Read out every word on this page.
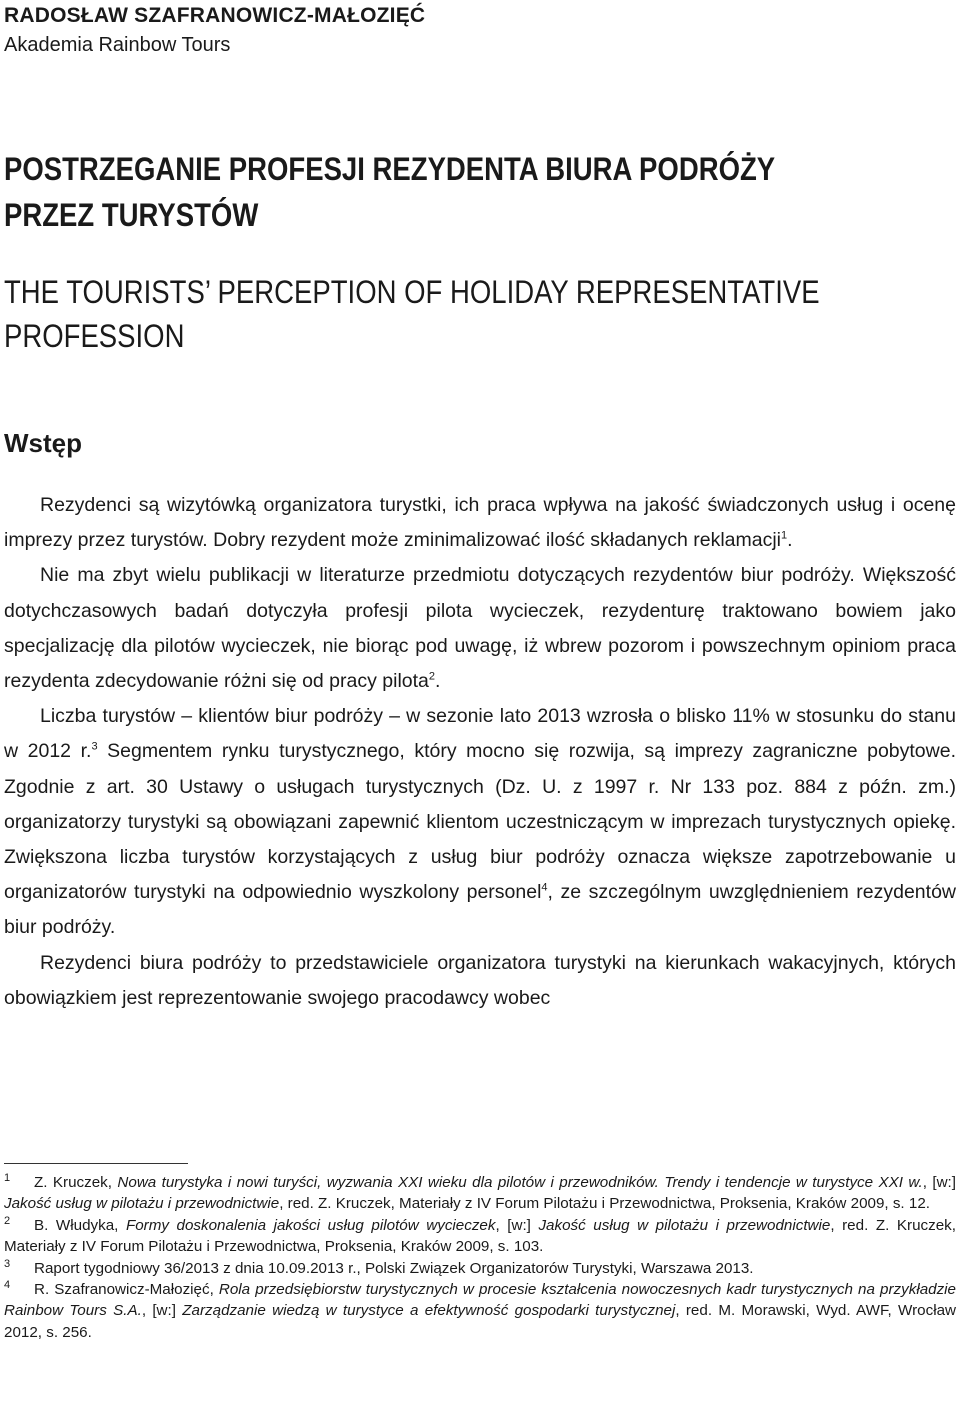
RADOSŁAW SZAFRANOWICZ-MAŁOZIĘĆ
Akademia Rainbow Tours
POSTRZEGANIE PROFESJI REZYDENTA BIURA PODRÓŻY
PRZEZ TURYSTÓW
THE TOURISTS’ PERCEPTION OF HOLIDAY REPRESENTATIVE
PROFESSION
Wstęp

Rezydenci są wizytówką organizatora turystki, ich praca wpływa na jakość świadczonych usług i ocenę imprezy przez turystów. Dobry rezydent może zminimalizować ilość składanych reklamacji$^1$.

Nie ma zbyt wielu publikacji w literaturze przedmiotu dotyczących rezydentów biur podróży. Większość dotychczasowych badań dotyczyła profesji pilota wycieczek, rezydenturę traktowano bowiem jako specjalizację dla pilotów wycieczek, nie biorąc pod uwagę, iż wbrew pozorom i powszechnym opiniom praca rezydenta zdecydowanie różni się od pracy pilota$^2$.

Liczba turystów – klientów biur podróży – w sezonie lato 2013 wzrosła o blisko 11% w stosunku do stanu w 2012 r.$^3$ Segmentem rynku turystycznego, który mocno się rozwija, są imprezy zagraniczne pobytowe. Zgodnie z art. 30 Ustawy o usługach turystycznych (Dz. U. z 1997 r. Nr 133 poz. 884 z późn. zm.) organizatorzy turystyki są obowiązani zapewnić klientom uczestniczącym w imprezach turystycznych opiekę. Zwiększona liczba turystów korzystających z usług biur podróży oznacza większe zapotrzebowanie u organizatorów turystyki na odpowiednio wyszkolony personel$^4$, ze szczególnym uwzględnieniem rezydentów biur podróży.

Rezydenci biura podróży to przedstawiciele organizatora turystyki na kierunkach wakacyjnych, których obowiązkiem jest reprezentowanie swojego pracodawcy wobec

1 Z. Kruczek, Nowa turystyka i nowi turyści, wyzwania XXI wieku dla pilotów i przewodników. Trendy i tendencje w turystyce XXI w., [w:] Jakość usług w pilotażu i przewodnictwie, red. Z. Kruczek, Materiały z IV Forum Pilotażu i Przewodnictwa, Proksenia, Kraków 2009, s. 12.

2 B. Włudyka, Formy doskonalenia jakości usług pilotów wycieczek, [w:] Jakość usług w pilotażu i przewodnictwie, red. Z. Kruczek, Materiały z IV Forum Pilotażu i Przewodnictwa, Proksenia, Kraków 2009, s. 103.

3 Raport tygodniowy 36/2013 z dnia 10.09.2013 r., Polski Związek Organizatorów Turystyki, Warszawa 2013.

4 R. Szafranowicz-Małozięć, Rola przedsiębiorstw turystycznych w procesie kształcenia nowoczesnych kadr turystycznych na przykładzie Rainbow Tours S.A., [w:] Zarządzanie wiedzą w turystyce a efektywność gospodarki turystycznej, red. M. Morawski, Wyd. AWF, Wrocław 2012, s. 256.
